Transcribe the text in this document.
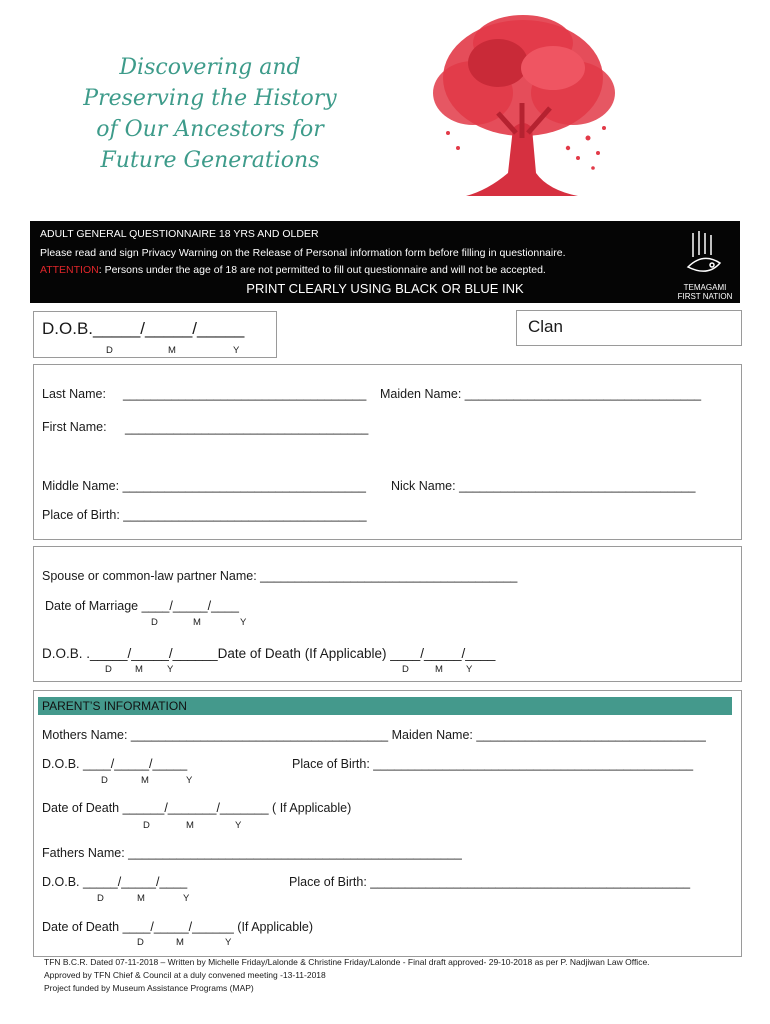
Discovering and
Preserving the History
of Our Ancestors for
Future Generations
ADULT GENERAL QUESTIONNAIRE 18 YRS AND OLDER
Please read and sign Privacy Warning on the Release of Personal information form before filling in questionnaire.
ATTENTION: Persons under the age of 18 are not permitted to fill out questionnaire and will not be accepted.
PRINT CLEARLY USING BLACK OR BLUE INK	TEMAGAMI
FIRST NATION
D.O.B._____/_____/_____
D	M	Y
Clan
Last Name: ___________________________________ Maiden Name: __________________________________
First Name: ___________________________________
Middle Name: ___________________________________ Nick Name: __________________________________
Place of Birth: ___________________________________
Spouse or common-law partner Name: _____________________________________
Date of Marriage ____/_____/____
D	M	Y
D.O.B. ._____/_____/______Date of Death (If Applicable) ____/_____/____
D M	Y	D	M Y
PARENT’S INFORMATION
Mothers Name: _____________________________________ Maiden Name: _________________________________
D.O.B. ____/_____/_____	Place of Birth: ______________________________________________
D	M	Y
Date of Death ______/_______/_______ ( If Applicable)
D	M	Y
Fathers Name: ________________________________________________
D.O.B. _____/_____/____	Place of Birth: ______________________________________________
D	M	Y
Date of Death ____/_____/______ (If Applicable)
D	M	Y
TFN B.C.R. Dated 07-11-2018 – Written by Michelle Friday/Lalonde & Christine Friday/Lalonde - Final draft approved- 29-10-2018 as per P. Nadjiwan Law Office.
Approved by TFN Chief & Council at a duly convened meeting -13-11-2018
Project funded by Museum Assistance Programs (MAP)
